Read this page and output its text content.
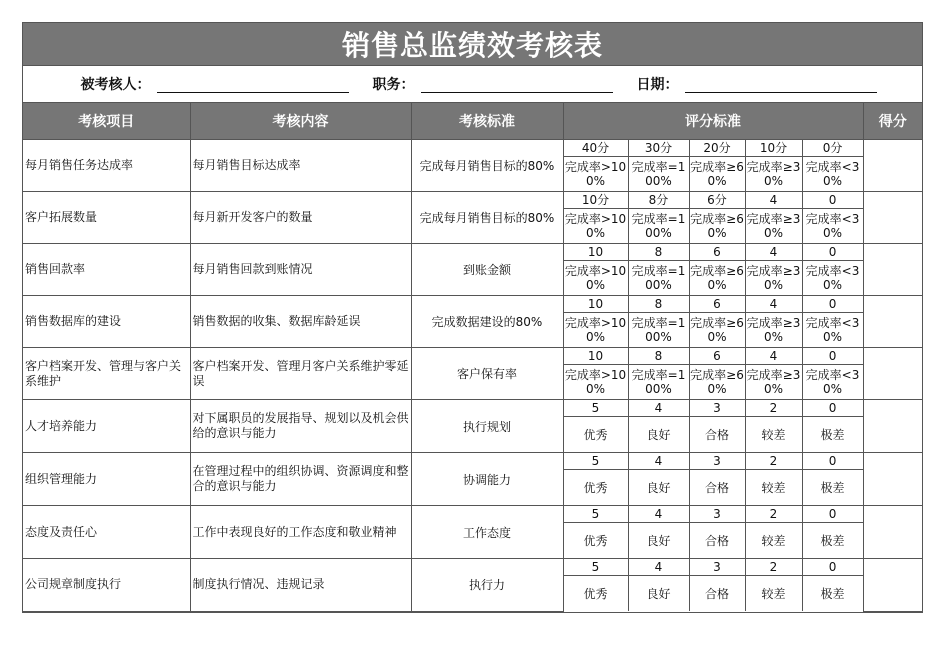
销售总监绩效考核表
被考核人：	职务：	日期：
考核项目	考核内容	考核标准	评分标准					得分
每月销售任务达成率	每月销售目标达成率	完成每月销售目标的80%	40分	30分	20分	10分	0分	
			完成率>100%	完成率=100%	完成率≥60%	完成率≥30%	完成率<30%	
客户拓展数量	每月新开发客户的数量	完成每月销售目标的80%	10分	8分	6分	4	0	
			完成率>100%	完成率=100%	完成率≥60%	完成率≥30%	完成率<30%	
销售回款率	每月销售回款到账情况	到账金额	10	8	6	4	0	
			完成率>100%	完成率=100%	完成率≥60%	完成率≥30%	完成率<30%	
销售数据库的建设	销售数据的收集、数据库龄延误	完成数据建设的80%	10	8	6	4	0	
			完成率>100%	完成率=100%	完成率≥60%	完成率≥30%	完成率<30%	
客户档案开发、管理与客户关系维护	客户档案开发、管理月客户关系维护零延误	客户保有率	10	8	6	4	0	
			完成率>100%	完成率=100%	完成率≥60%	完成率≥30%	完成率<30%	
人才培养能力	对下属职员的发展指导、规划以及机会供给的意识与能力	执行规划	5	4	3	2	0	
			优秀	良好	合格	较差	极差	
组织管理能力	在管理过程中的组织协调、资源调度和整合的意识与能力	协调能力	5	4	3	2	0	
			优秀	良好	合格	较差	极差	
态度及责任心	工作中表现良好的工作态度和敬业精神	工作态度	5	4	3	2	0	
			优秀	良好	合格	较差	极差	
公司规章制度执行	制度执行情况、违规记录	执行力	5	4	3	2	0	
			优秀	良好	合格	较差	极差	
